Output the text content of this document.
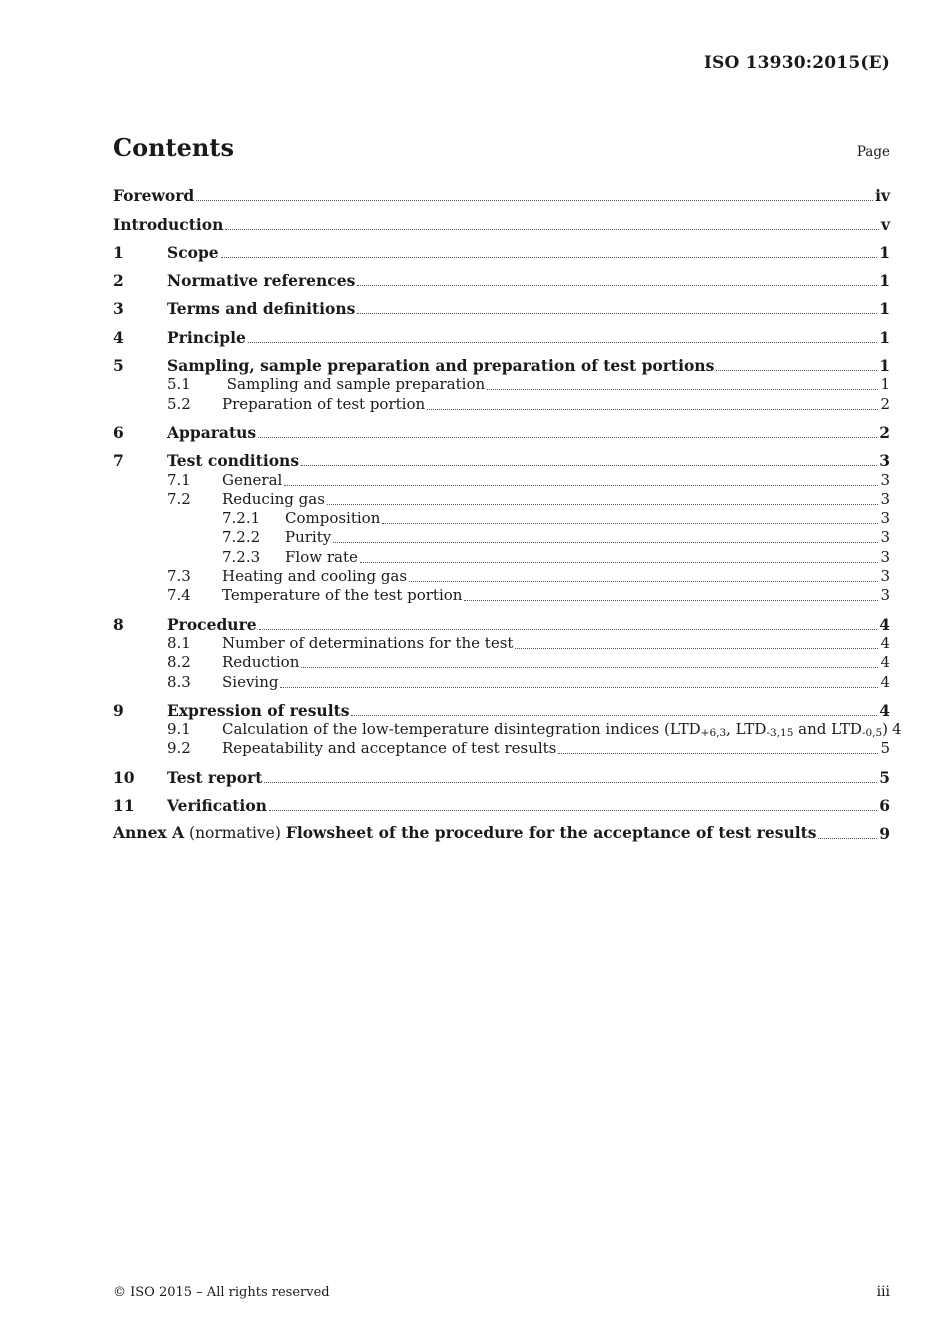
ISO 13930:2015(E)
Contents	Page
Foreword	iv
Introduction	v
1	Scope	1
2	Normative references	1
3	Terms and definitions	1
4	Principle	1
5	Sampling, sample preparation and preparation of test portions	1
5.1	Sampling and sample preparation	1
5.2	Preparation of test portion	2
6	Apparatus	2
7	Test conditions	3
7.1	General	3
7.2	Reducing gas	3
7.2.1	Composition	3
7.2.2	Purity	3
7.2.3	Flow rate	3
7.3	Heating and cooling gas	3
7.4	Temperature of the test portion	3
8	Procedure	4
8.1	Number of determinations for the test	4
8.2	Reduction	4
8.3	Sieving	4
9	Expression of results	4
9.1	Calculation of the low-temperature disintegration indices ($LTD_{+6,3}$, $LTD_{-3,15}$ and $LTD_{-0,5}$) 4
9.2	Repeatability and acceptance of test results	5
10	Test report	5
11	Verification	6
Annex A (normative) Flowsheet of the procedure for the acceptance of test results	9
© ISO 2015 – All rights reserved	iii
